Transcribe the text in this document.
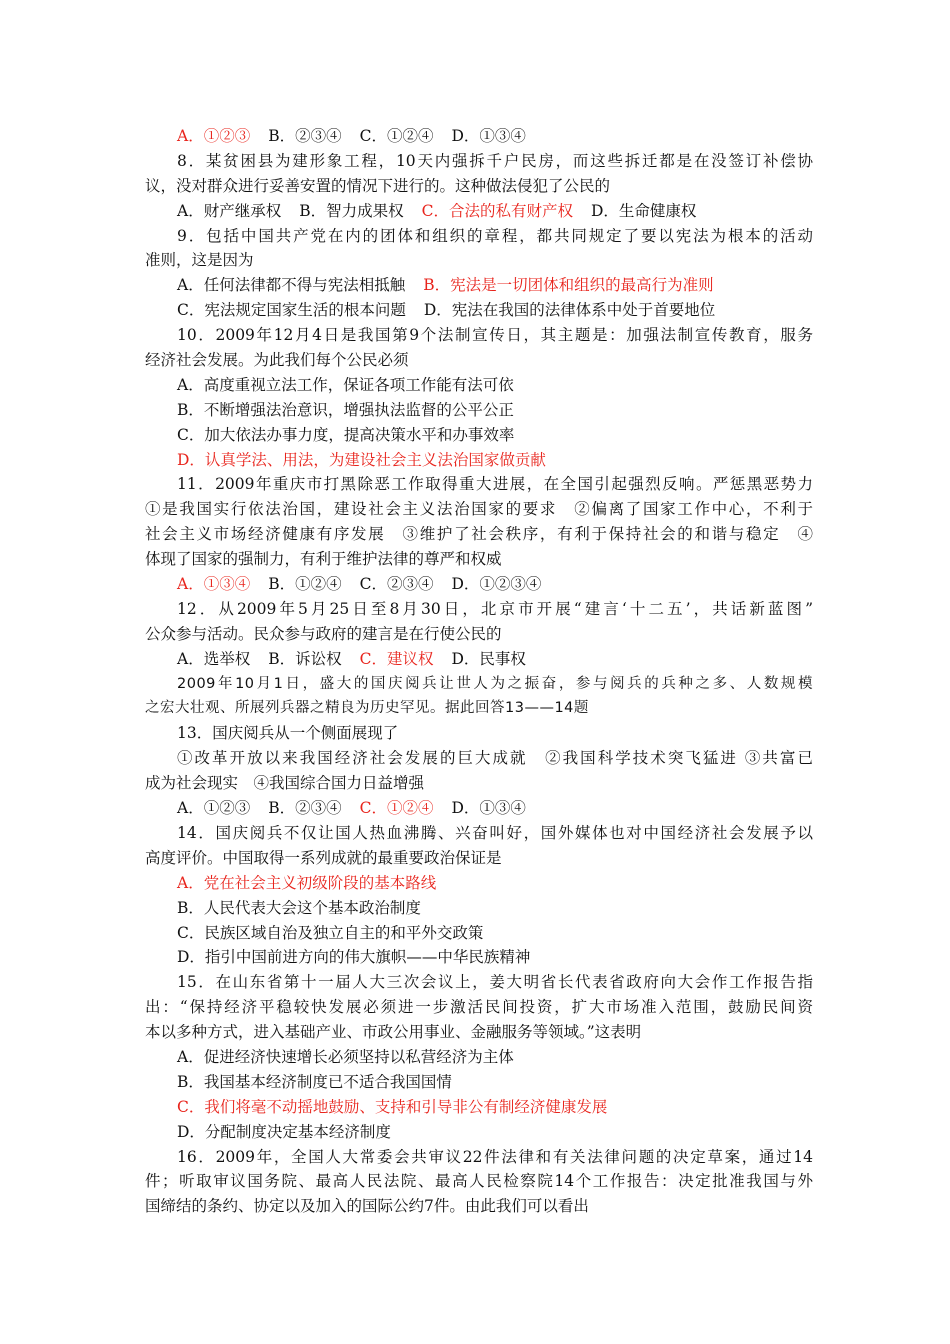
A．①②③ B．②③④ C．①②④ D．①③④
8．某贫困县为建形象工程，10天内强拆千户民房，而这些拆迁都是在没签订补偿协
议，没对群众进行妥善安置的情况下进行的。这种做法侵犯了公民的
A．财产继承权 B．智力成果权 C．合法的私有财产权 D．生命健康权
9．包括中国共产党在内的团体和组织的章程，都共同规定了要以宪法为根本的活动
准则，这是因为
A．任何法律都不得与宪法相抵触 B．宪法是一切团体和组织的最高行为准则
C．宪法规定国家生活的根本问题 D．宪法在我国的法律体系中处于首要地位
10．2009年12月4日是我国第9个法制宣传日，其主题是：加强法制宣传教育，服务
经济社会发展。为此我们每个公民必须
A．高度重视立法工作，保证各项工作能有法可依
B．不断增强法治意识，增强执法监督的公平公正
C．加大依法办事力度，提高决策水平和办事效率
D．认真学法、用法，为建设社会主义法治国家做贡献
11．2009年重庆市打黑除恶工作取得重大进展，在全国引起强烈反响。严惩黑恶势力
①是我国实行依法治国，建设社会主义法治国家的要求　②偏离了国家工作中心，不利于
社会主义市场经济健康有序发展　③维护了社会秩序，有利于保持社会的和谐与稳定　④
体现了国家的强制力，有利于维护法律的尊严和权威
A．①③④ B．①②④ C．②③④ D．①②③④
12．从2009年5月25日至8月30日，北京市开展“建言‘十二五’，共话新蓝图”
公众参与活动。民众参与政府的建言是在行使公民的
A．选举权 B．诉讼权 C．建议权 D．民事权
2009年10月1日，盛大的国庆阅兵让世人为之振奋，参与阅兵的兵种之多、人数规模
之宏大壮观、所展列兵器之精良为历史罕见。据此回答13——14题
13．国庆阅兵从一个侧面展现了
①改革开放以来我国经济社会发展的巨大成就　②我国科学技术突飞猛进 ③共富已
成为社会现实　④我国综合国力日益增强
A．①②③ B．②③④ C．①②④ D．①③④
14．国庆阅兵不仅让国人热血沸腾、兴奋叫好，国外媒体也对中国经济社会发展予以
高度评价。中国取得一系列成就的最重要政治保证是
A．党在社会主义初级阶段的基本路线
B．人民代表大会这个基本政治制度
C．民族区域自治及独立自主的和平外交政策
D．指引中国前进方向的伟大旗帜——中华民族精神
15．在山东省第十一届人大三次会议上，姜大明省长代表省政府向大会作工作报告指
出：“保持经济平稳较快发展必须进一步激活民间投资，扩大市场准入范围，鼓励民间资
本以多种方式，进入基础产业、市政公用事业、金融服务等领域。”这表明
A．促进经济快速增长必须坚持以私营经济为主体
B．我国基本经济制度已不适合我国国情
C．我们将毫不动摇地鼓励、支持和引导非公有制经济健康发展
D．分配制度决定基本经济制度
16．2009年，全国人大常委会共审议22件法律和有关法律问题的决定草案，通过14
件；听取审议国务院、最高人民法院、最高人民检察院14个工作报告：决定批准我国与外
国缔结的条约、协定以及加入的国际公约7件。由此我们可以看出
